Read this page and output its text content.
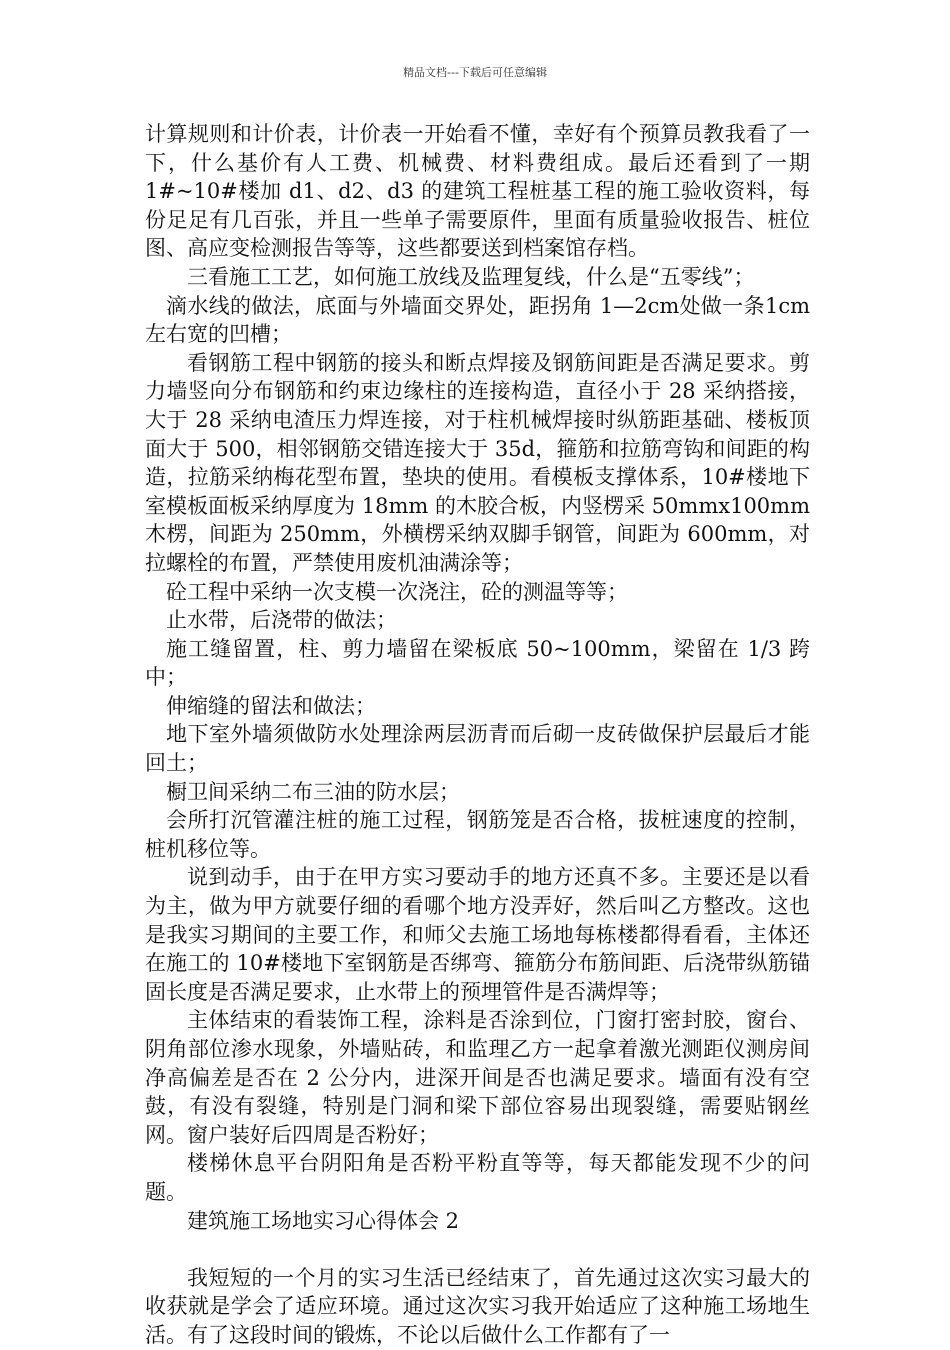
精品文档---下载后可任意编辑

计算规则和计价表，计价表一开始看不懂，幸好有个预算员教我看了一下，什么基价有人工费、机械费、材料费组成。最后还看到了一期 1#~10#楼加 d1、d2、d3 的建筑工程桩基工程的施工验收资料，每份足足有几百张，并且一些单子需要原件，里面有质量验收报告、桩位图、高应变检测报告等等，这些都要送到档案馆存档。

三看施工工艺，如何施工放线及监理复线，什么是“五零线”；

滴水线的做法，底面与外墙面交界处，距拐角 1—2cm处做一条1cm左右宽的凹槽；

看钢筋工程中钢筋的接头和断点焊接及钢筋间距是否满足要求。剪力墙竖向分布钢筋和约束边缘柱的连接构造，直径小于 28 采纳搭接，大于 28 采纳电渣压力焊连接，对于柱机械焊接时纵筋距基础、楼板顶面大于 500，相邻钢筋交错连接大于 35d，箍筋和拉筋弯钩和间距的构造，拉筋采纳梅花型布置，垫块的使用。看模板支撑体系，10#楼地下室模板面板采纳厚度为 18mm 的木胶合板，内竖楞采 50mmx100mm 木楞，间距为 250mm，外横楞采纳双脚手钢管，间距为 600mm，对拉螺栓的布置，严禁使用废机油满涂等；

砼工程中采纳一次支模一次浇注，砼的测温等等；

止水带，后浇带的做法；

施工缝留置，柱、剪力墙留在梁板底 50~100mm，梁留在 1/3 跨中；

伸缩缝的留法和做法；

地下室外墙须做防水处理涂两层沥青而后砌一皮砖做保护层最后才能回土；

橱卫间采纳二布三油的防水层；

会所打沉管灌注桩的施工过程，钢筋笼是否合格，拔桩速度的控制，桩机移位等。

说到动手，由于在甲方实习要动手的地方还真不多。主要还是以看为主，做为甲方就要仔细的看哪个地方没弄好，然后叫乙方整改。这也是我实习期间的主要工作，和师父去施工场地每栋楼都得看看，主体还在施工的 10#楼地下室钢筋是否绑弯、箍筋分布筋间距、后浇带纵筋锚固长度是否满足要求，止水带上的预埋管件是否满焊等；

主体结束的看装饰工程，涂料是否涂到位，门窗打密封胶，窗台、阴角部位渗水现象，外墙贴砖，和监理乙方一起拿着激光测距仪测房间净高偏差是否在 2 公分内，进深开间是否也满足要求。墙面有没有空鼓，有没有裂缝，特别是门洞和梁下部位容易出现裂缝，需要贴钢丝网。窗户装好后四周是否粉好；

楼梯休息平台阴阳角是否粉平粉直等等，每天都能发现不少的问题。

建筑施工场地实习心得体会 2

我短短的一个月的实习生活已经结束了，首先通过这次实习最大的收获就是学会了适应环境。通过这次实习我开始适应了这种施工场地生活。有了这段时间的锻炼，不论以后做什么工作都有了一
